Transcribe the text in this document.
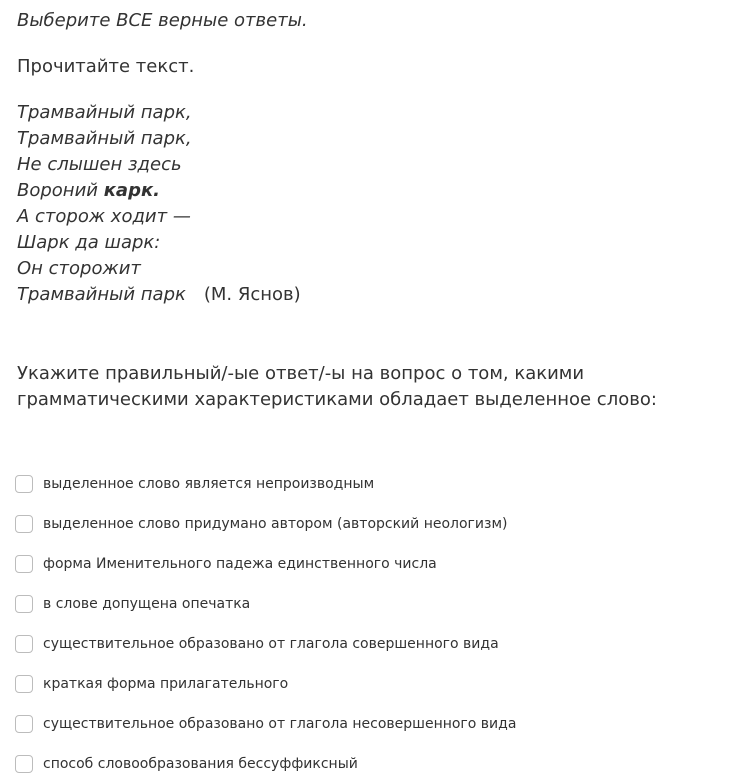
Выберите ВСЕ верные ответы.

Прочитайте текст.

Трамвайный парк,
Трамвайный парк,
Не слышен здесь
Вороний карк.
А сторож ходит —
Шарк да шарк:
Он сторожит
Трамвайный парк (М. Яснов)

Укажите правильный/-ые ответ/-ы на вопрос о том, какими грамматическими характеристиками обладает выделенное слово:

выделенное слово является непроизводным
выделенное слово придумано автором (авторский неологизм)
форма Именительного падежа единственного числа
в слове допущена опечатка
существительное образовано от глагола совершенного вида
краткая форма прилагательного
существительное образовано от глагола несовершенного вида
способ словообразования бессуффиксный
